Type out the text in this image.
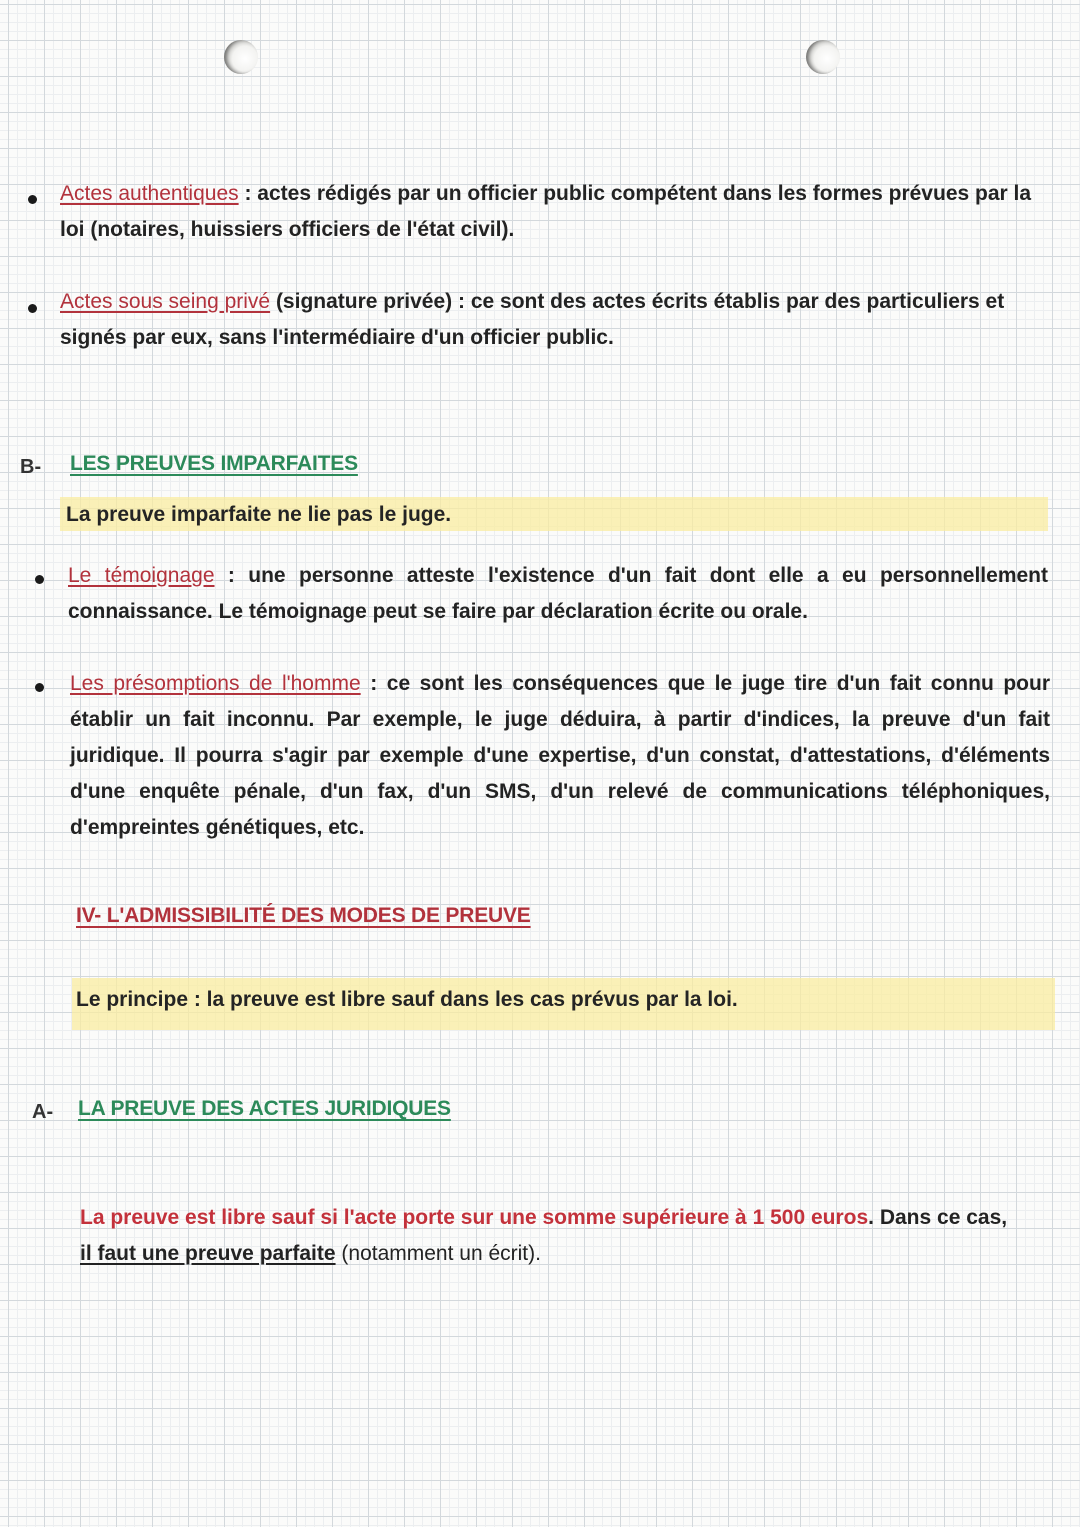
Actes authentiques : actes rédigés par un officier public compétent dans les formes prévues par la loi (notaires, huissiers officiers de l'état civil).
Actes sous seing privé (signature privée) : ce sont des actes écrits établis par des particuliers et signés par eux, sans l'intermédiaire d'un officier public.
B- LES PREUVES IMPARFAITES
La preuve imparfaite ne lie pas le juge.
Le témoignage : une personne atteste l'existence d'un fait dont elle a eu personnellement connaissance. Le témoignage peut se faire par déclaration écrite ou orale.
Les présomptions de l'homme : ce sont les conséquences que le juge tire d'un fait connu pour établir un fait inconnu. Par exemple, le juge déduira, à partir d'indices, la preuve d'un fait juridique. Il pourra s'agir par exemple d'une expertise, d'un constat, d'attestations, d'éléments d'une enquête pénale, d'un fax, d'un SMS, d'un relevé de communications téléphoniques, d'empreintes génétiques, etc.
IV- L'ADMISSIBILITÉ DES MODES DE PREUVE
Le principe : la preuve est libre sauf dans les cas prévus par la loi.
A- LA PREUVE DES ACTES JURIDIQUES
La preuve est libre sauf si l'acte porte sur une somme supérieure à 1 500 euros. Dans ce cas,
il faut une preuve parfaite (notamment un écrit).
